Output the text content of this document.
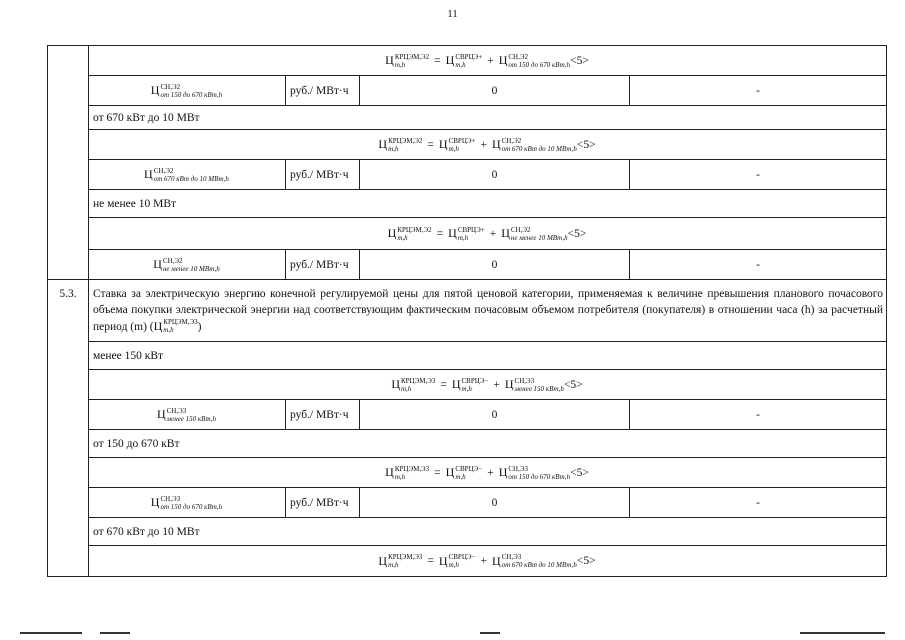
11
Ц КРЦЭМ,Э2
m,h	= Ц СВРЦЭ+
m,h	+ Ц СН,Э2
от 150 до 670 кВт,h <5>
Ц СН,Э2
от 150 до 670 кВт,h	руб./ МВт·ч	0	-
от 670 кВт до 10 МВт
Ц КРЦЭМ,Э2
m,h	= Ц СВРЦЭ+
m,h	+ Ц СН,Э2
от 670 кВт до 10 МВт,h <5>
Ц СН,Э2
от 670 кВт до 10 МВт,h	руб./ МВт·ч	0	-
не менее 10 МВт
Ц КРЦЭМ,Э2
m,h	= Ц СВРЦЭ+
m,h	+ Ц СН,Э2
не менее 10 МВт,h <5>
Ц СН,Э2
не менее 10 МВт,h	руб./ МВт·ч	0	-
5.3.	Ставка за электрическую энергию конечной регулируемой цены для пятой ценовой категории, применяемая к величине превышения планового почасового объема покупки электрической энергии над соответствующим фактическим почасовым объемом потребителя (покупателя) в отношении часа (h) за расчетный период (m) ( Ц КРЦЭМ,Э3
m,h	)
менее 150 кВт
Ц КРЦЭМ,Э3
m,h	= Ц СВРЦЭ−
m,h	+ Ц СН,Э3
менее 150 кВт,h <5>
Ц СН,Э3
менее 150 кВт,h	руб./ МВт·ч	0	-
от 150 до 670 кВт
Ц КРЦЭМ,Э3
m,h	= Ц СВРЦЭ−
m,h	+ Ц СН,Э3
от 150 до 670 кВт,h <5>
Ц СН,Э3
от 150 до 670 кВт,h	руб./ МВт·ч	0	-
от 670 кВт до 10 МВт
Ц КРЦЭМ,Э3
m,h	= Ц СВРЦЭ−
m,h	+ Ц СН,Э3
от 670 кВт до 10 МВт,h <5>
